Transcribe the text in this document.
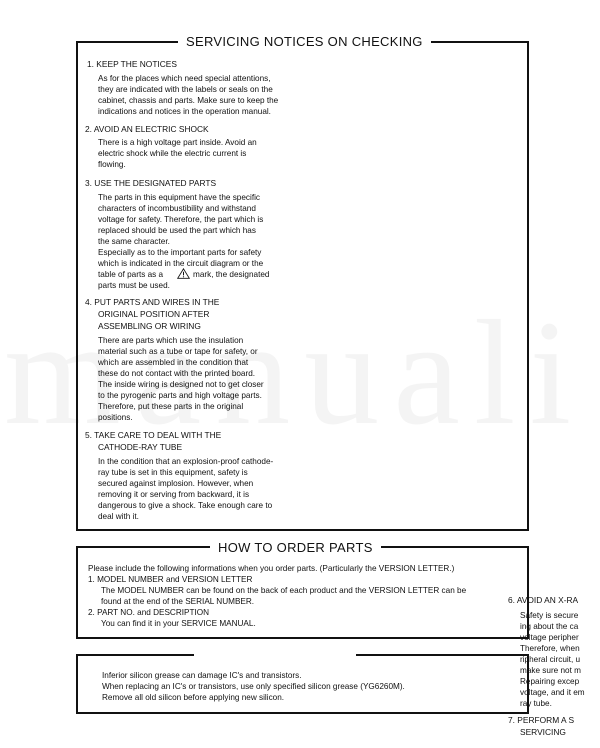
SERVICING NOTICES ON CHECKING
1. KEEP THE NOTICES
As for the places which need special attentions,
they are indicated with the labels or seals on the
cabinet, chassis and parts. Make sure to keep the
indications and notices in the operation manual.
2. AVOID AN ELECTRIC SHOCK
There is a high voltage part inside. Avoid an
electric shock while the electric current is
flowing.
3. USE THE DESIGNATED PARTS
The parts in this equipment have the specific
characters of incombustibility and withstand
voltage for safety. Therefore, the part which is
replaced should be used the part which has
the same character.
Especially as to the important parts for safety
which is indicated in the circuit diagram or the
table of parts as a	mark, the designated
parts must be used.
4. PUT PARTS AND WIRES IN THE
ORIGINAL POSITION AFTER
ASSEMBLING OR WIRING
There are parts which use the insulation
material such as a tube or tape for safety, or
which are assembled in the condition that
these do not contact with the printed board.
The inside wiring is designed not to get closer
to the pyrogenic parts and high voltage parts.
Therefore, put these parts in the original
positions.
5. TAKE CARE TO DEAL WITH THE
CATHODE-RAY TUBE
In the condition that an explosion-proof cathode-
ray tube is set in this equipment, safety is
secured against implosion. However, when
removing it or serving from backward, it is
dangerous to give a shock. Take enough care to
deal with it.
HOW TO ORDER PARTS
Please include the following informations when you order parts. (Particularly the VERSION LETTER.)
1. MODEL NUMBER and VERSION LETTER
The MODEL NUMBER can be found on the back of each product and the VERSION LETTER can be
found at the end of the SERIAL NUMBER.
2. PART NO. and DESCRIPTION
You can find it in your SERVICE MANUAL.
Inferior silicon grease can damage IC's and transistors.
When replacing an IC's or transistors, use only specified silicon grease (YG6260M).
Remove all old silicon before applying new silicon.
6. AVOID AN X-RA
Safety is secure
ing about the ca
voltage peripher
Therefore, when
ripheral circuit, u
make sure not m
Repairing excep
voltage, and it em
ray tube.
7. PERFORM A S
SERVICING
